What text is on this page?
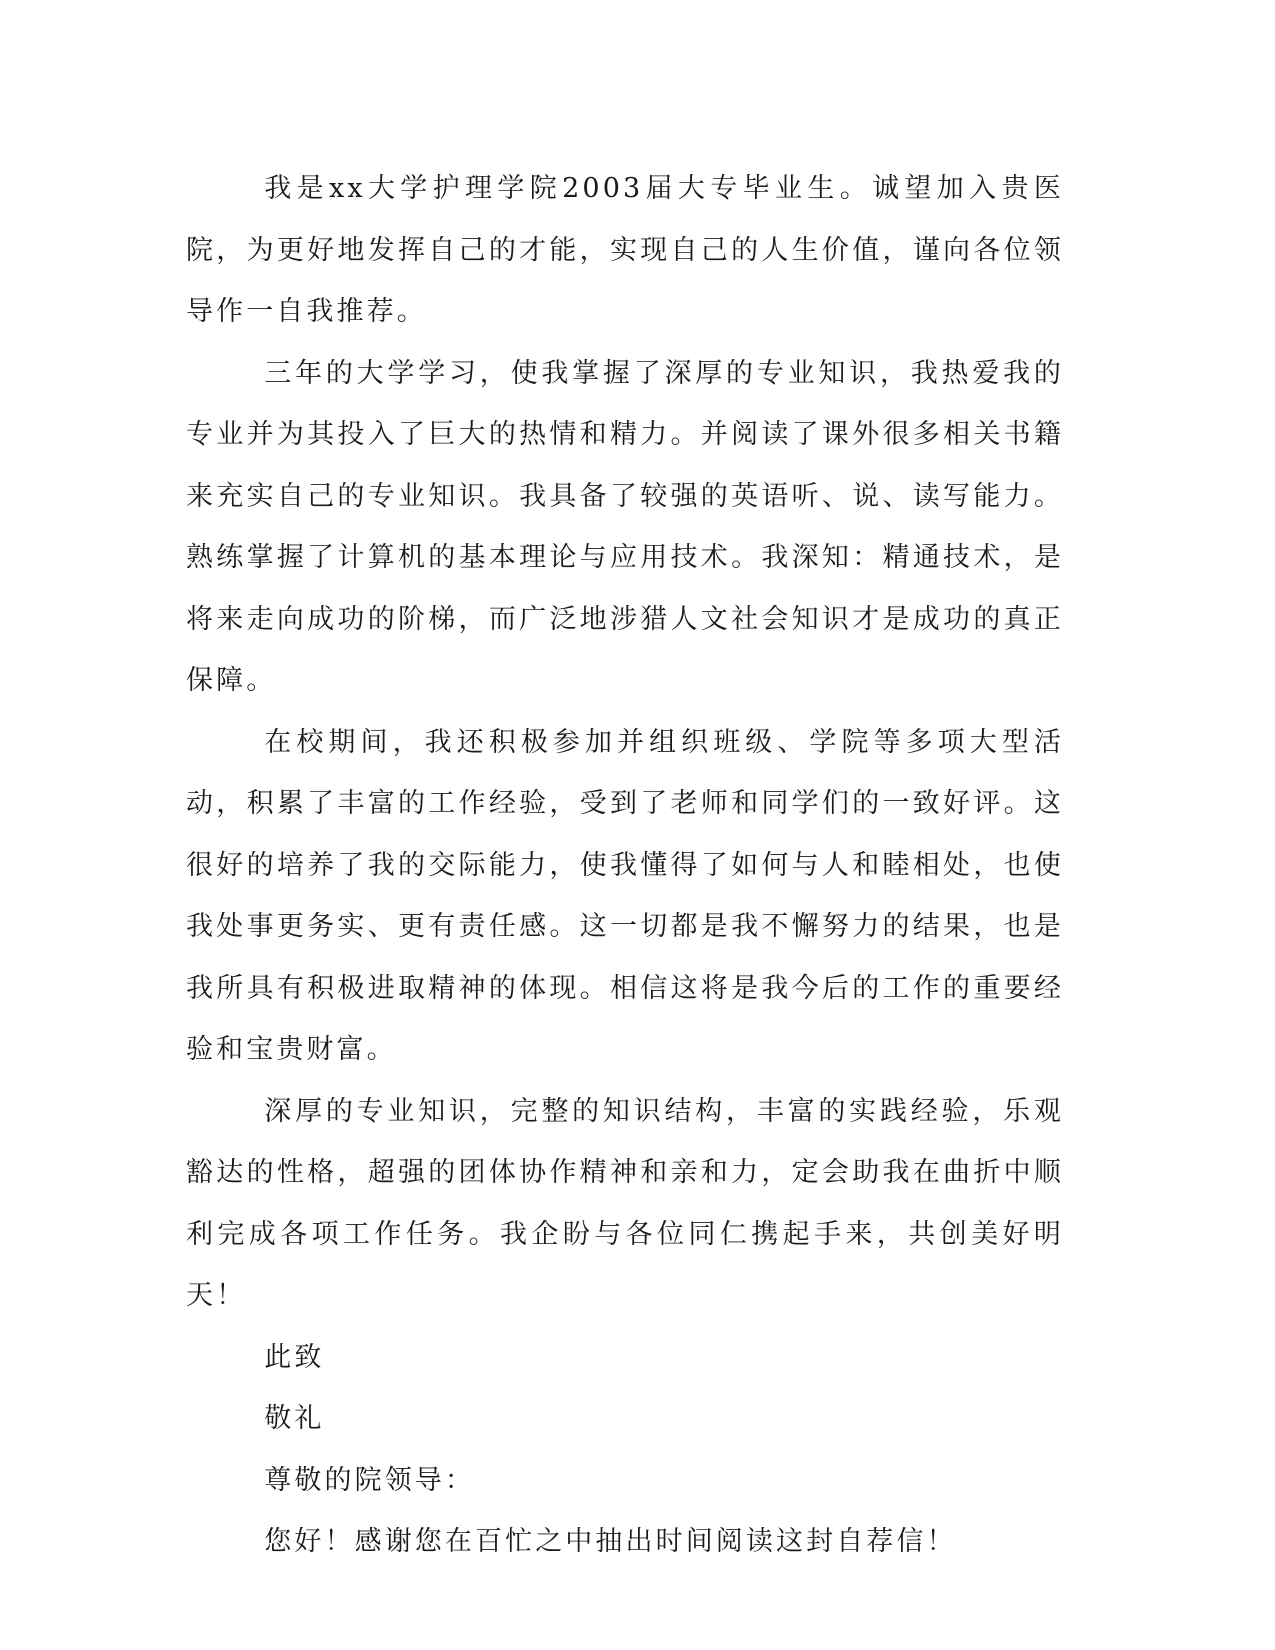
我是xx大学护理学院2003届大专毕业生。诚望加入贵医院，为更好地发挥自己的才能，实现自己的人生价值，谨向各位领导作一自我推荐。

三年的大学学习，使我掌握了深厚的专业知识，我热爱我的专业并为其投入了巨大的热情和精力。并阅读了课外很多相关书籍来充实自己的专业知识。我具备了较强的英语听、说、读写能力。熟练掌握了计算机的基本理论与应用技术。我深知：精通技术，是将来走向成功的阶梯，而广泛地涉猎人文社会知识才是成功的真正保障。

在校期间，我还积极参加并组织班级、学院等多项大型活动，积累了丰富的工作经验，受到了老师和同学们的一致好评。这很好的培养了我的交际能力，使我懂得了如何与人和睦相处，也使我处事更务实、更有责任感。这一切都是我不懈努力的结果，也是我所具有积极进取精神的体现。相信这将是我今后的工作的重要经验和宝贵财富。

深厚的专业知识，完整的知识结构，丰富的实践经验，乐观豁达的性格，超强的团体协作精神和亲和力，定会助我在曲折中顺利完成各项工作任务。我企盼与各位同仁携起手来，共创美好明天！

此致

敬礼

尊敬的院领导：

您好！感谢您在百忙之中抽出时间阅读这封自荐信！
